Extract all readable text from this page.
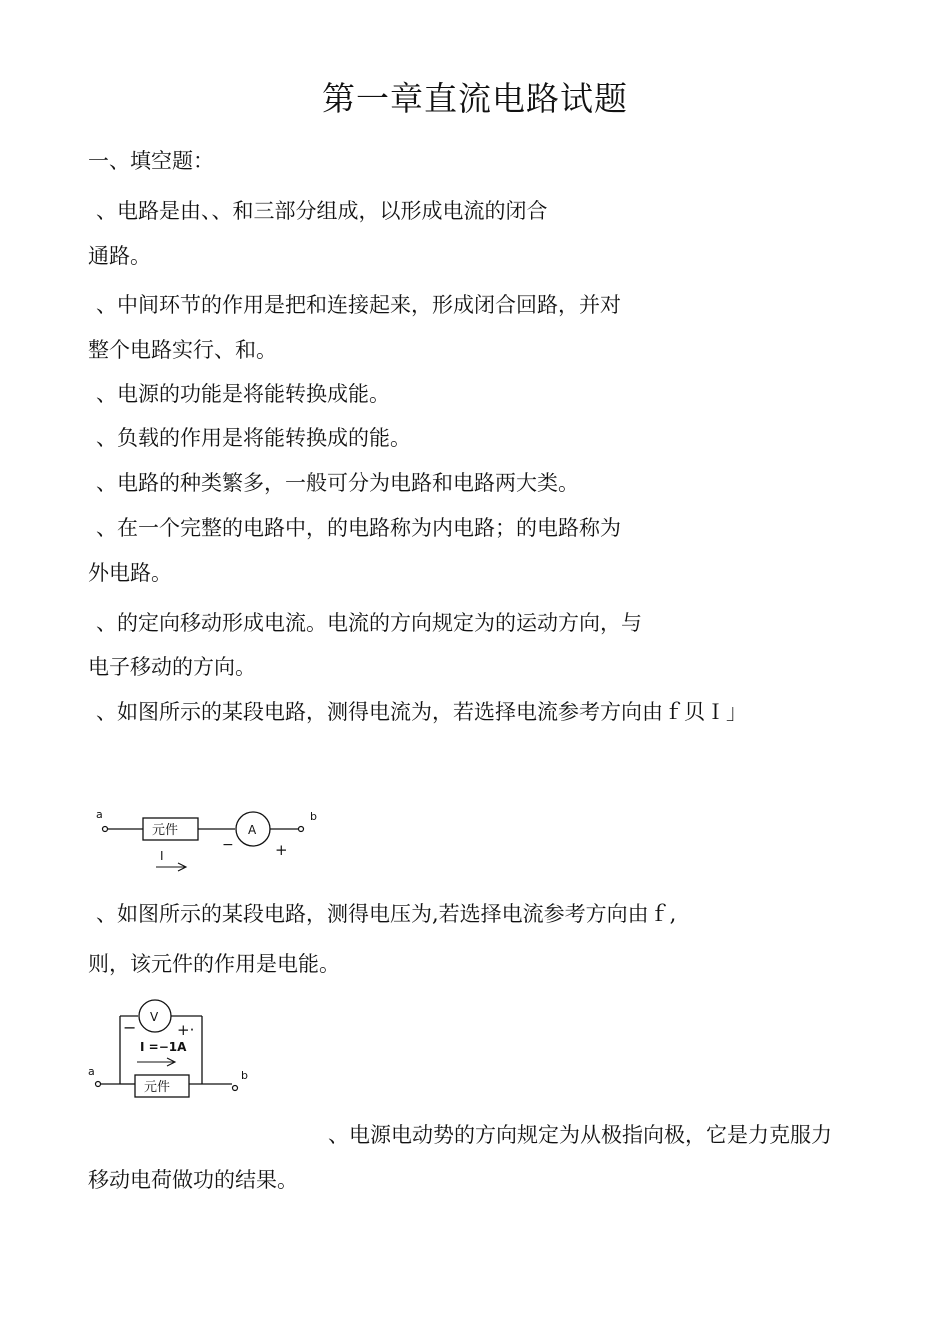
第一章直流电路试题
一、填空题：
、电路是由、、和三部分组成，以形成电流的闭合
通路。
、中间环节的作用是把和连接起来，形成闭合回路，并对
整个电路实行、和。
、电源的功能是将能转换成能。
、负载的作用是将能转换成的能。
、电路的种类繁多，一般可分为电路和电路两大类。
、在一个完整的电路中，的电路称为内电路；的电路称为
外电路。
、的定向移动形成电流。电流的方向规定为的运动方向，与
电子移动的方向。
、如图所示的某段电路，测得电流为，若选择电流参考方向由ｆ贝Ｉ」
a
元件	A
b
−	+
I
、如图所示的某段电路，测得电压为,若选择电流参考方向由ｆ,
则，该元件的作用是电能。
a
V
−	+·
I =−1A
元件
b
、电源电动势的方向规定为从极指向极，它是力克服力
移动电荷做功的结果。
